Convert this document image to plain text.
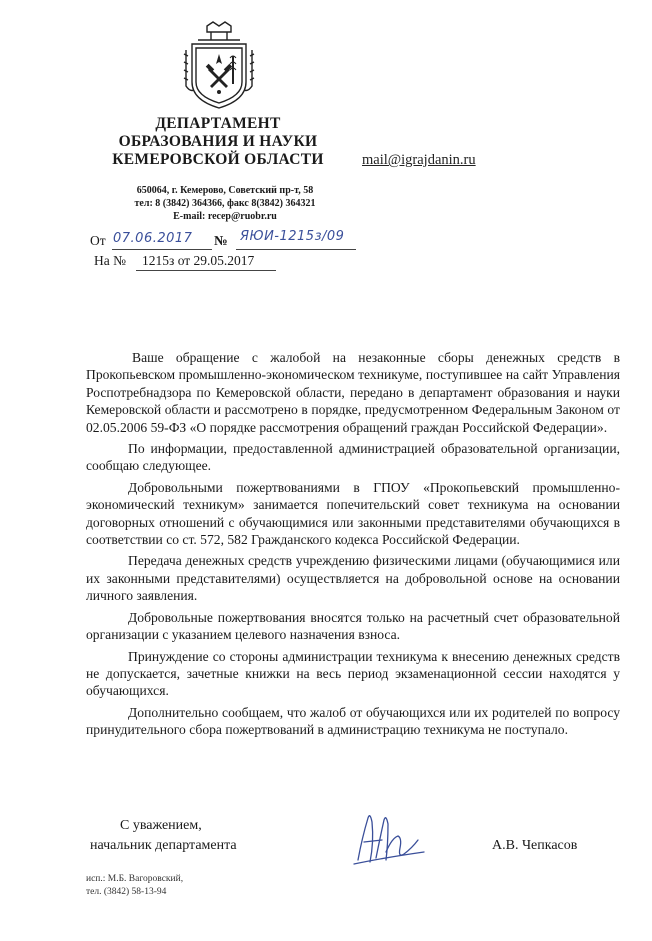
ДЕПАРТАМЕНТ
ОБРАЗОВАНИЯ И НАУКИ
КЕМЕРОВСКОЙ ОБЛАСТИ
650064, г. Кемерово, Советский пр-т, 58
тел: 8 (3842) 364366, факс 8(3842) 364321
E-mail: recep@ruobr.ru
mail@igrajdanin.ru
От 07.06.2017 № ЯЮИ-1215з/09
На № 1215з от 29.05.2017

Ваше обращение с жалобой на незаконные сборы денежных средств в Прокопьевском промышленно-экономическом техникуме, поступившее на сайт Управления Роспотребнадзора по Кемеровской области, передано в департамент образования и науки Кемеровской области и рассмотрено в порядке, предусмотренном Федеральным Законом от 02.05.2006 59-ФЗ «О порядке рассмотрения обращений граждан Российской Федерации».

По информации, предоставленной администрацией образовательной организации, сообщаю следующее.

Добровольными пожертвованиями в ГПОУ «Прокопьевский промышленно-экономический техникум» занимается попечительский совет техникума на основании договорных отношений с обучающимися или законными представителями обучающихся в соответствии со ст. 572, 582 Гражданского кодекса Российской Федерации.

Передача денежных средств учреждению физическими лицами (обучающимися или их законными представителями) осуществляется на добровольной основе на основании личного заявления.

Добровольные пожертвования вносятся только на расчетный счет образовательной организации с указанием целевого назначения взноса.

Принуждение со стороны администрации техникума к внесению денежных средств не допускается, зачетные книжки на весь период экзаменационной сессии находятся у обучающихся.

Дополнительно сообщаем, что жалоб от обучающихся или их родителей по вопросу принудительного сбора пожертвований в администрацию техникума не поступало.

С уважением,
начальник департамента	А.В. Чепкасов
исп.: М.Б. Вагоровский,
тел. (3842) 58-13-94
